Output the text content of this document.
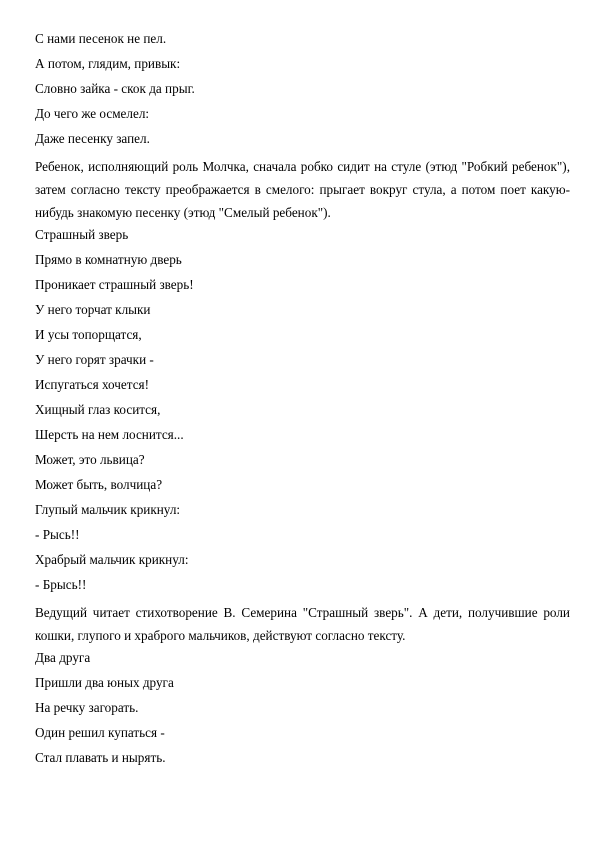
С нами песенок не пел.
А потом, глядим, привык:
Словно зайка - скок да прыг.
До чего же осмелел:
Даже песенку запел.
Ребенок, исполняющий роль Молчка, сначала робко сидит на стуле (этюд "Робкий ребенок"), затем согласно тексту преображается в смелого: прыгает вокруг стула, а потом поет какую-нибудь знакомую песенку (этюд "Смелый ребенок").
Страшный зверь
Прямо в комнатную дверь
Проникает страшный зверь!
У него торчат клыки
И усы топорщатся,
У него горят зрачки -
Испугаться хочется!
Хищный глаз косится,
Шерсть на нем лоснится...
Может, это львица?
Может быть, волчица?
Глупый мальчик крикнул:
- Рысь!!
Храбрый мальчик крикнул:
- Брысь!!
Ведущий читает стихотворение В. Семерина "Страшный зверь". А дети, получившие роли кошки, глупого и храброго мальчиков, действуют согласно тексту.
Два друга
Пришли два юных друга
На речку загорать.
Один решил купаться -
Стал плавать и нырять.
